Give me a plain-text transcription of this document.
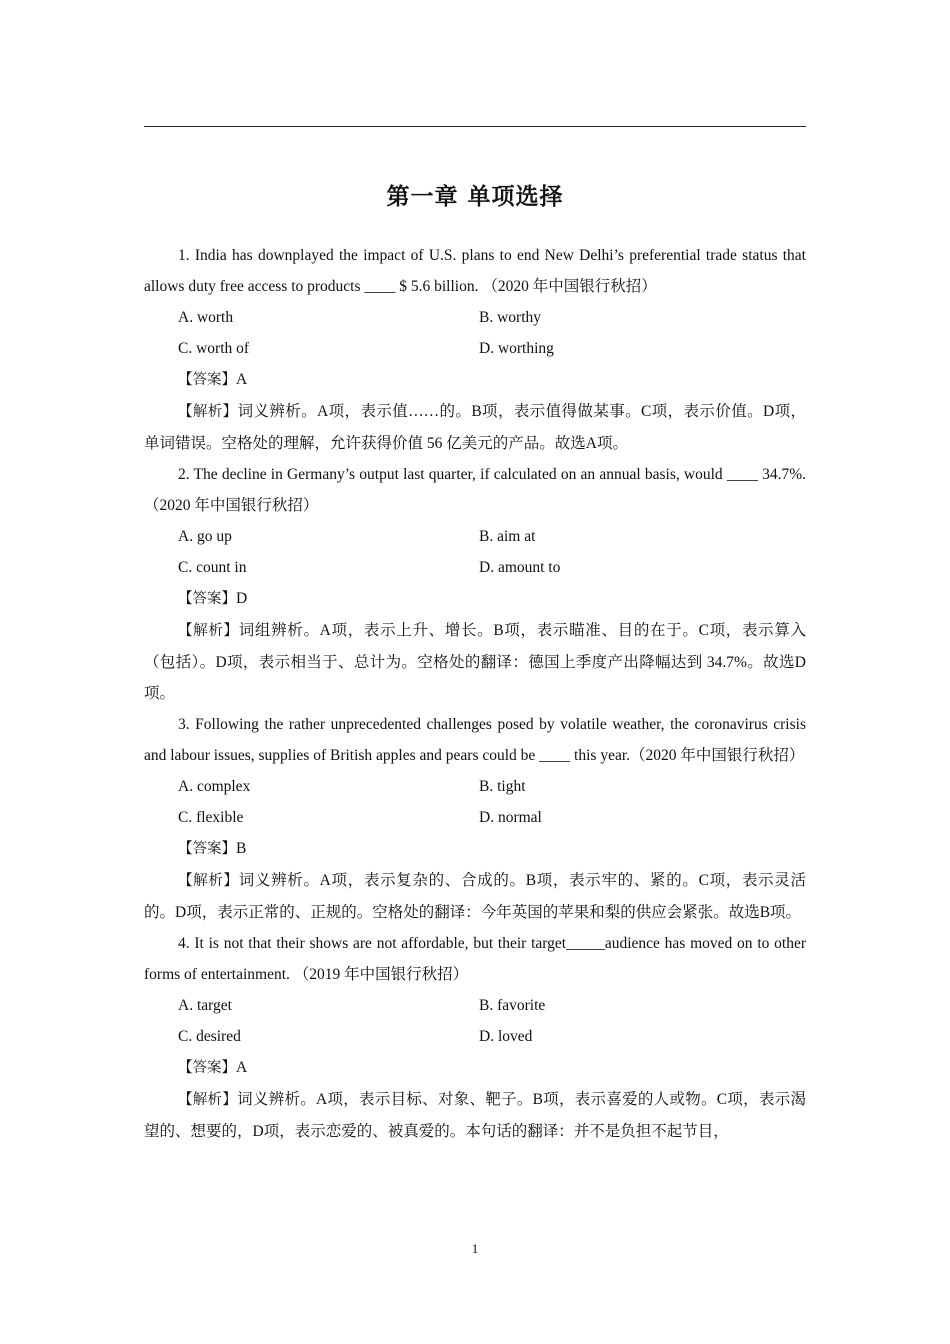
第一章 单项选择

1. India has downplayed the impact of U.S. plans to end New Delhi’s preferential trade status that allows duty free access to products ____ $ 5.6 billion. （2020 年中国银行秋招）

A. worth	B. worthy
C. worth of	D. worthing

【答案】A

【解析】词义辨析。A项，表示值……的。B项，表示值得做某事。C项，表示价值。D项，单词错误。空格处的理解，允许获得价值 56 亿美元的产品。故选A项。

2. The decline in Germany’s output last quarter, if calculated on an annual basis, would ____ 34.7%.（2020 年中国银行秋招）

A. go up	B. aim at
C. count in	D. amount to

【答案】D

【解析】词组辨析。A项，表示上升、增长。B项，表示瞄准、目的在于。C项，表示算入（包括）。D项，表示相当于、总计为。空格处的翻译：德国上季度产出降幅达到 34.7%。故选D项。

3. Following the rather unprecedented challenges posed by volatile weather, the coronavirus crisis and labour issues, supplies of British apples and pears could be ____ this year.（2020 年中国银行秋招）

A. complex	B. tight
C. flexible	D. normal

【答案】B

【解析】词义辨析。A项，表示复杂的、合成的。B项，表示牢的、紧的。C项，表示灵活的。D项，表示正常的、正规的。空格处的翻译：今年英国的苹果和梨的供应会紧张。故选B项。

4. It is not that their shows are not affordable, but their target_____audience has moved on to other forms of entertainment. （2019 年中国银行秋招）

A. target	B. favorite
C. desired	D. loved

【答案】A

【解析】词义辨析。A项，表示目标、对象、靶子。B项，表示喜爱的人或物。C项，表示渴望的、想要的，D项，表示恋爱的、被真爱的。本句话的翻译：并不是负担不起节目，

1
